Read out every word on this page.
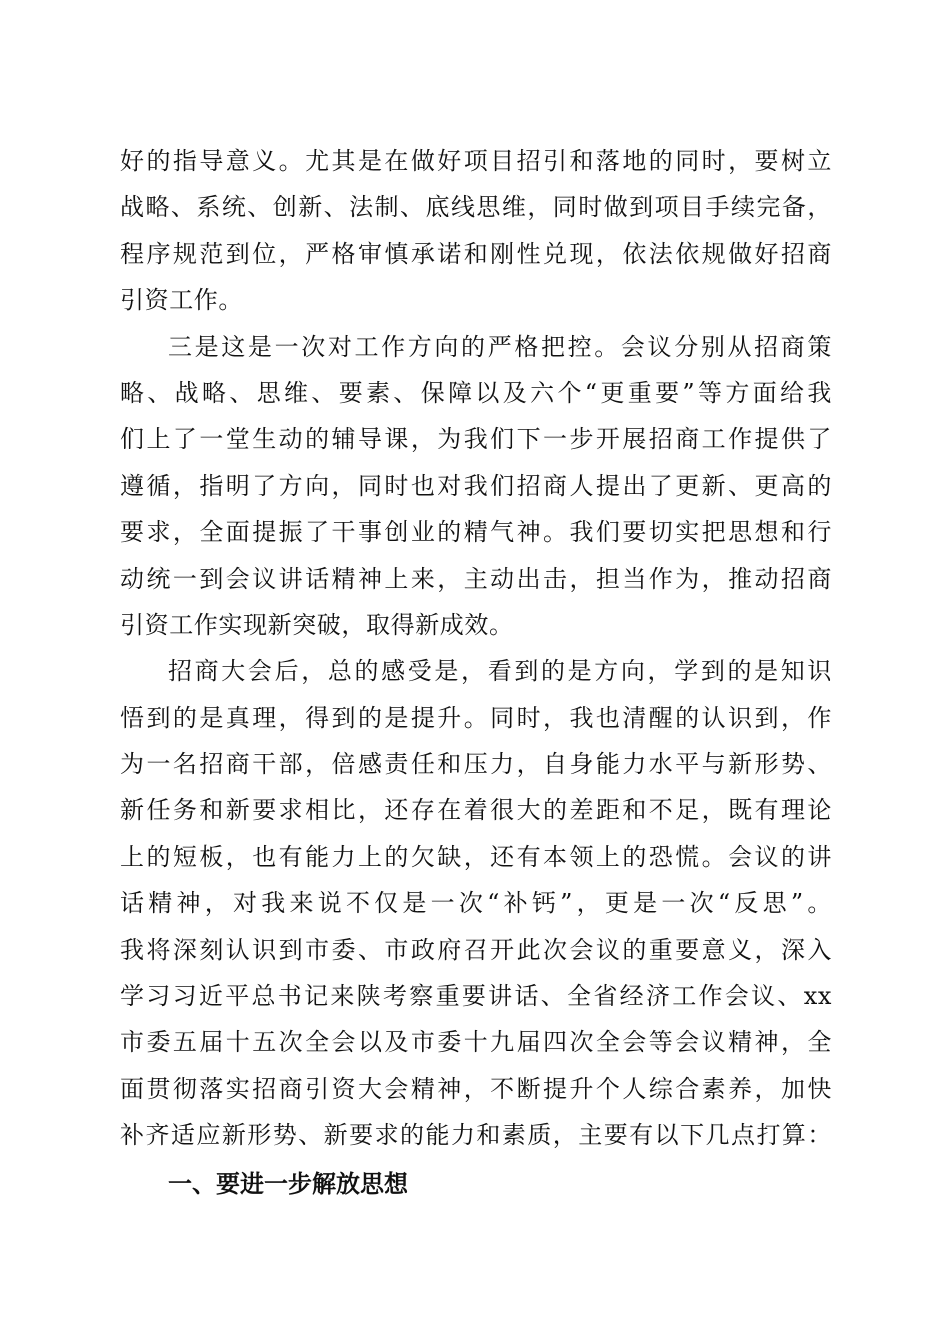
好的指导意义。尤其是在做好项目招引和落地的同时，要树立
战略、系统、创新、法制、底线思维，同时做到项目手续完备，
程序规范到位，严格审慎承诺和刚性兑现，依法依规做好招商
引资工作。
三是这是一次对工作方向的严格把控。会议分别从招商策
略、战略、思维、要素、保障以及六个“更重要”等方面给我
们上了一堂生动的辅导课，为我们下一步开展招商工作提供了
遵循，指明了方向，同时也对我们招商人提出了更新、更高的
要求，全面提振了干事创业的精气神。我们要切实把思想和行
动统一到会议讲话精神上来，主动出击，担当作为，推动招商
引资工作实现新突破，取得新成效。
招商大会后，总的感受是，看到的是方向，学到的是知识
悟到的是真理，得到的是提升。同时，我也清醒的认识到，作
为一名招商干部，倍感责任和压力，自身能力水平与新形势、
新任务和新要求相比，还存在着很大的差距和不足，既有理论
上的短板，也有能力上的欠缺，还有本领上的恐慌。会议的讲
话精神，对我来说不仅是一次“补钙”，更是一次“反思”。
我将深刻认识到市委、市政府召开此次会议的重要意义，深入
学习习近平总书记来陕考察重要讲话、全省经济工作会议、xx
市委五届十五次全会以及市委十九届四次全会等会议精神，全
面贯彻落实招商引资大会精神，不断提升个人综合素养，加快
补齐适应新形势、新要求的能力和素质，主要有以下几点打算：
一、要进一步解放思想
